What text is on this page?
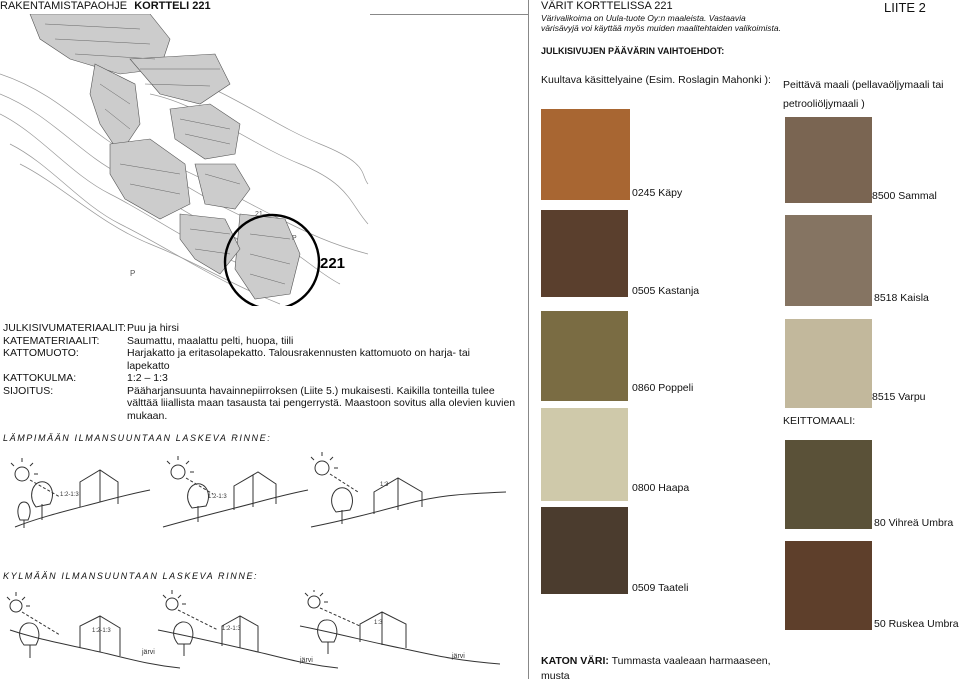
RAKENTAMISTAPAOHJE KORTTELI 221	VÄRIT KORTTELISSA 221
Värivalikoima on Uula-tuote Oy:n maaleista. Vastaavia värisävyjä voi käyttää myös muiden maalitehtaiden valikoimista.
JULKISIVUJEN PÄÄVÄRIN VAIHTOEHDOT:
LIITE 2
Kuultava käsittelyaine (Esim. Roslagin Mahonki ): Peittävä maali (pellavaöljymaali tai
petrooliöljymaali )
221
P
21
P
0245 Käpy	8500 Sammal
0505 Kastanja
8518 Kaisla
0860 Poppeli
8515 Varpu
0800 Haapa
KEITTOMAALI:
80 Vihreä Umbra
0509 Taateli
50 Ruskea Umbra
KATON VÄRI: Tummasta vaaleaan harmaaseen,
musta
JULKISIVUMATERIAALIT: Puu ja hirsi
KATEMATERIAALIT:	Saumattu, maalattu pelti, huopa, tiili
KATTOMUOTO:	Harjakatto ja eritasolapekatto. Talousrakennusten kattomuoto on harja- tai
lapekatto
KATTOKULMA:	1:2 – 1:3
SIJOITUS:	Pääharjansuunta havainnepiirroksen (Liite 5.) mukaisesti. Kaikilla tonteilla tulee
välttää liiallista maan tasausta tai pengerrystä. Maastoon sovitus alla olevien kuvien
mukaan.
LÄMPIMÄÄN ILMANSUUNTAAN LASKEVA RINNE:
KYLMÄÄN ILMANSUUNTAAN LASKEVA RINNE:
1:2-1:3	1:2-1:3
1:3
1:2-1:3	1:2-1:3
1:3
järvi
järvi
järvi
